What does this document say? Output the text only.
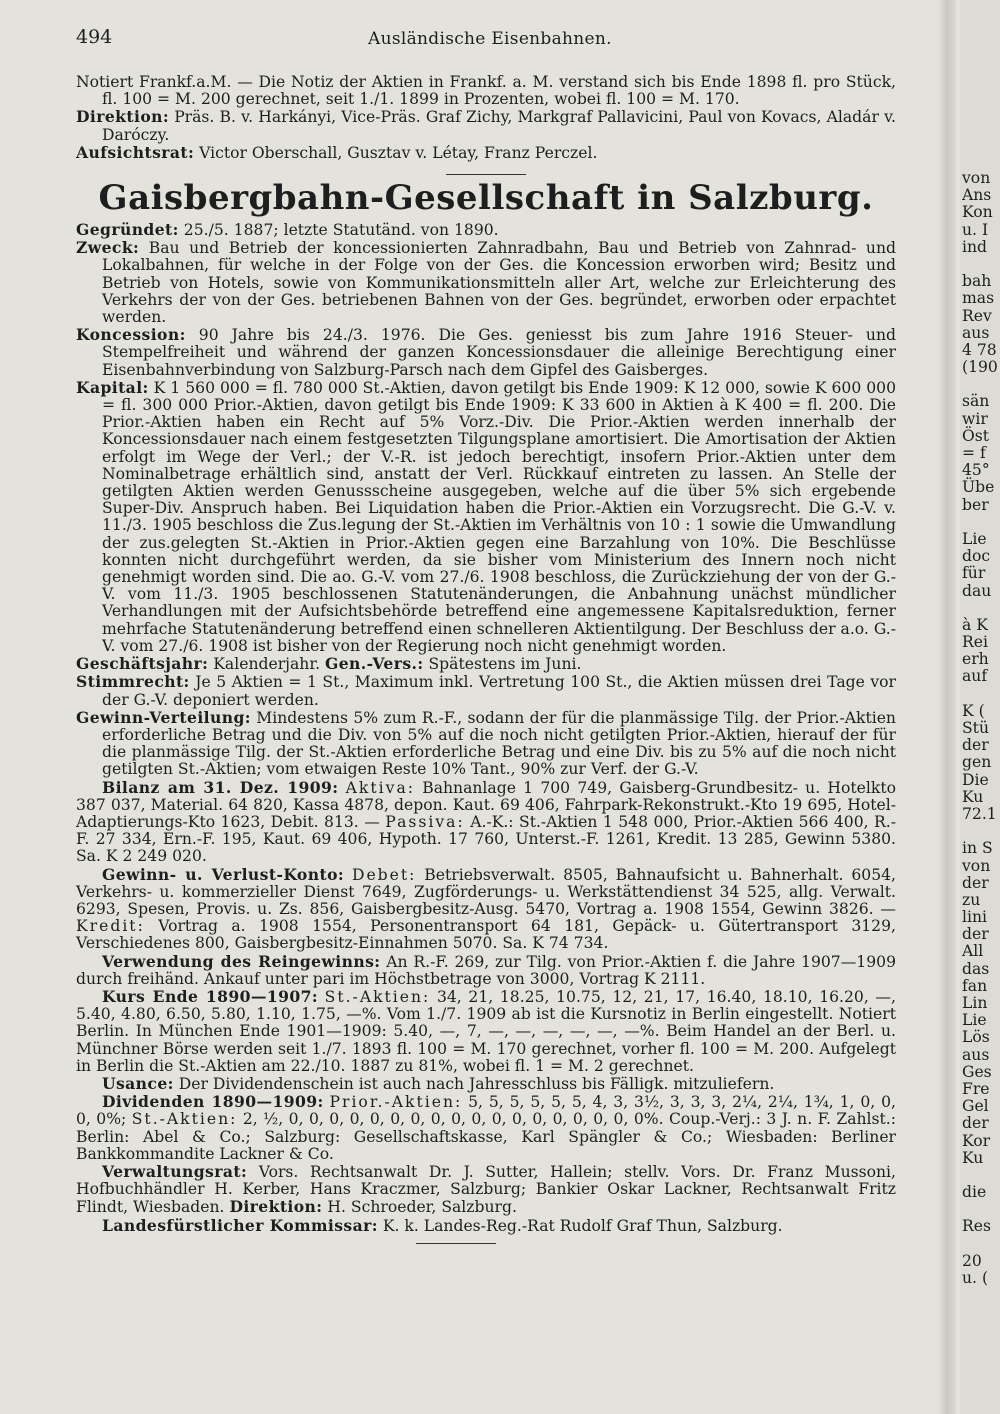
494	Ausländische Eisenbahnen.

Notiert Frankf.a.M. — Die Notiz der Aktien in Frankf. a. M. verstand sich bis Ende 1898 fl. pro Stück, fl. 100 = M. 200 gerechnet, seit 1./1. 1899 in Prozenten, wobei fl. 100 = M. 170.

Direktion: Präs. B. v. Harkányi, Vice-Präs. Graf Zichy, Markgraf Pallavicini, Paul von Kovacs, Aladár v. Daróczy.

Aufsichtsrat: Victor Oberschall, Gusztav v. Létay, Franz Perczel.

Gaisbergbahn-Gesellschaft in Salzburg.

Gegründet: 25./5. 1887; letzte Statutänd. von 1890.

Zweck: Bau und Betrieb der koncessionierten Zahnradbahn, Bau und Betrieb von Zahnrad- und Lokalbahnen, für welche in der Folge von der Ges. die Koncession erworben wird; Besitz und Betrieb von Hotels, sowie von Kommunikationsmitteln aller Art, welche zur Erleichterung des Verkehrs der von der Ges. betriebenen Bahnen von der Ges. begründet, erworben oder erpachtet werden.

Koncession: 90 Jahre bis 24./3. 1976. Die Ges. geniesst bis zum Jahre 1916 Steuer- und Stempelfreiheit und während der ganzen Koncessionsdauer die alleinige Berechtigung einer Eisenbahnverbindung von Salzburg-Parsch nach dem Gipfel des Gaisberges.

Kapital: K 1 560 000 = fl. 780 000 St.-Aktien, davon getilgt bis Ende 1909: K 12 000, sowie K 600 000 = fl. 300 000 Prior.-Aktien, davon getilgt bis Ende 1909: K 33 600 in Aktien à K 400 = fl. 200. Die Prior.-Aktien haben ein Recht auf 5% Vorz.-Div. Die Prior.-Aktien werden innerhalb der Koncessionsdauer nach einem festgesetzten Tilgungsplane amortisiert. Die Amortisation der Aktien erfolgt im Wege der Verl.; der V.-R. ist jedoch berechtigt, insofern Prior.-Aktien unter dem Nominalbetrage erhältlich sind, anstatt der Verl. Rückkauf eintreten zu lassen. An Stelle der getilgten Aktien werden Genussscheine ausgegeben, welche auf die über 5% sich ergebende Super-Div. Anspruch haben. Bei Liquidation haben die Prior.-Aktien ein Vorzugsrecht. Die G.-V. v. 11./3. 1905 beschloss die Zus.legung der St.-Aktien im Verhältnis von 10 : 1 sowie die Umwandlung der zus.gelegten St.-Aktien in Prior.-Aktien gegen eine Barzahlung von 10%. Die Beschlüsse konnten nicht durchgeführt werden, da sie bisher vom Ministerium des Innern noch nicht genehmigt worden sind. Die ao. G.-V. vom 27./6. 1908 beschloss, die Zurückziehung der von der G.-V. vom 11./3. 1905 beschlossenen Statutenänderungen, die Anbahnung unächst mündlicher Verhandlungen mit der Aufsichtsbehörde betreffend eine angemessene Kapitalsreduktion, ferner mehrfache Statutenänderung betreffend einen schnelleren Aktientilgung. Der Beschluss der a.o. G.-V. vom 27./6. 1908 ist bisher von der Regierung noch nicht genehmigt worden.

Geschäftsjahr: Kalenderjahr. Gen.-Vers.: Spätestens im Juni.

Stimmrecht: Je 5 Aktien = 1 St., Maximum inkl. Vertretung 100 St., die Aktien müssen drei Tage vor der G.-V. deponiert werden.

Gewinn-Verteilung: Mindestens 5% zum R.-F., sodann der für die planmässige Tilg. der Prior.-Aktien erforderliche Betrag und die Div. von 5% auf die noch nicht getilgten Prior.-Aktien, hierauf der für die planmässige Tilg. der St.-Aktien erforderliche Betrag und eine Div. bis zu 5% auf die noch nicht getilgten St.-Aktien; vom etwaigen Reste 10% Tant., 90% zur Verf. der G.-V.

Bilanz am 31. Dez. 1909: Aktiva: Bahnanlage 1 700 749, Gaisberg-Grundbesitz- u. Hotelkto 387 037, Material. 64 820, Kassa 4878, depon. Kaut. 69 406, Fahrpark-Rekonstrukt.-Kto 19 695, Hotel-Adaptierungs-Kto 1623, Debit. 813. — Passiva: A.-K.: St.-Aktien 1 548 000, Prior.-Aktien 566 400, R.-F. 27 334, Ern.-F. 195, Kaut. 69 406, Hypoth. 17 760, Unterst.-F. 1261, Kredit. 13 285, Gewinn 5380. Sa. K 2 249 020.

Gewinn- u. Verlust-Konto: Debet: Betriebsverwalt. 8505, Bahnaufsicht u. Bahnerhalt. 6054, Verkehrs- u. kommerzieller Dienst 7649, Zugförderungs- u. Werkstättendienst 34 525, allg. Verwalt. 6293, Spesen, Provis. u. Zs. 856, Gaisbergbesitz-Ausg. 5470, Vortrag a. 1908 1554, Gewinn 3826. — Kredit: Vortrag a. 1908 1554, Personentransport 64 181, Gepäck- u. Gütertransport 3129, Verschiedenes 800, Gaisbergbesitz-Einnahmen 5070. Sa. K 74 734.

Verwendung des Reingewinns: An R.-F. 269, zur Tilg. von Prior.-Aktien f. die Jahre 1907—1909 durch freihänd. Ankauf unter pari im Höchstbetrage von 3000, Vortrag K 2111.

Kurs Ende 1890—1907: St.-Aktien: 34, 21, 18.25, 10.75, 12, 21, 17, 16.40, 18.10, 16.20, —, 5.40, 4.80, 6.50, 5.80, 1.10, 1.75, —%. Vom 1./7. 1909 ab ist die Kursnotiz in Berlin eingestellt. Notiert Berlin. In München Ende 1901—1909: 5.40, —, 7, —, —, —, —, —, —%. Beim Handel an der Berl. u. Münchner Börse werden seit 1./7. 1893 fl. 100 = M. 170 gerechnet, vorher fl. 100 = M. 200. Aufgelegt in Berlin die St.-Aktien am 22./10. 1887 zu 81%, wobei fl. 1 = M. 2 gerechnet.

Usance: Der Dividendenschein ist auch nach Jahresschluss bis Fälligk. mitzuliefern.

Dividenden 1890—1909: Prior.-Aktien: 5, 5, 5, 5, 5, 5, 4, 3, 3½, 3, 3, 3, 2¼, 2¼, 1¾, 1, 0, 0, 0, 0%; St.-Aktien: 2, ½, 0, 0, 0, 0, 0, 0, 0, 0, 0, 0, 0, 0, 0, 0, 0, 0, 0, 0%. Coup.-Verj.: 3 J. n. F. Zahlst.: Berlin: Abel & Co.; Salzburg: Gesellschaftskasse, Karl Spängler & Co.; Wiesbaden: Berliner Bankkommandite Lackner & Co.

Verwaltungsrat: Vors. Rechtsanwalt Dr. J. Sutter, Hallein; stellv. Vors. Dr. Franz Mussoni, Hofbuchhändler H. Kerber, Hans Kraczmer, Salzburg; Bankier Oskar Lackner, Rechtsanwalt Fritz Flindt, Wiesbaden. Direktion: H. Schroeder, Salzburg.

Landesfürstlicher Kommissar: K. k. Landes-Reg.-Rat Rudolf Graf Thun, Salzburg.

von
Ans
Kon
u. I
ind
bah
mas
Rev
aus
4 78
(190
sän
wir
Öst
= f
45°
Übe
ber
Lie
doc
für
dau
à K
Rei
erh
auf
K (
Stü
der
gen
Die
Ku
72.1
in S
von
der
zu
lini
der
All
das
fan
Lin
Lie
Lös
aus
Ges
Fre
Gel
der
Kor
Ku
die
Res
20
u. (
